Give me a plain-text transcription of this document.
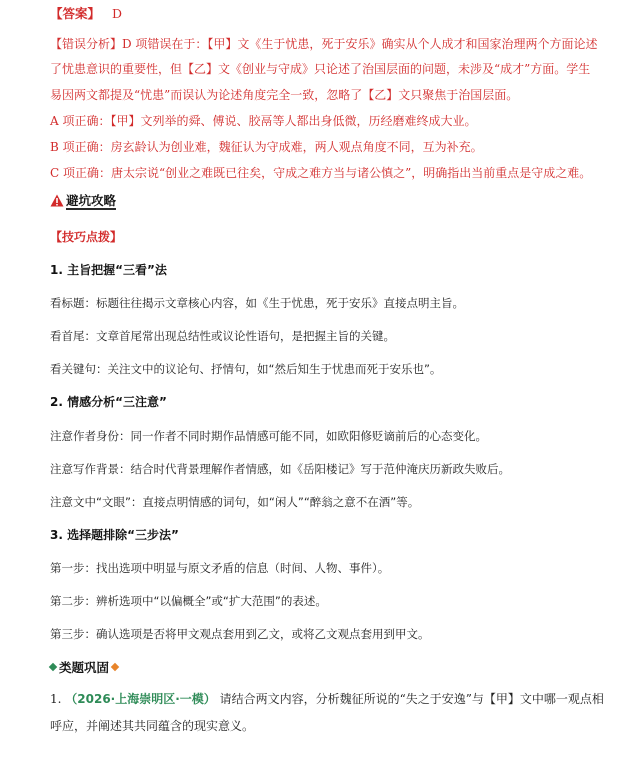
【答案】 D
【错误分析】D 项错误在于：【甲】文《生于忧患，死于安乐》确实从个人成才和国家治理两个方面论述
了忧患意识的重要性，但【乙】文《创业与守成》只论述了治国层面的问题，未涉及“成才”方面。学生
易因两文都提及“忧患”而误认为论述角度完全一致，忽略了【乙】文只聚焦于治国层面。
A 项正确：【甲】文列举的舜、傅说、胶鬲等人都出身低微，历经磨难终成大业。
B 项正确：房玄龄认为创业难，魏征认为守成难，两人观点角度不同，互为补充。
C 项正确：唐太宗说“创业之难既已往矣，守成之难方当与诸公慎之”，明确指出当前重点是守成之难。
避坑攻略
【技巧点拨】
1. 主旨把握“三看”法
看标题：标题往往揭示文章核心内容，如《生于忧患，死于安乐》直接点明主旨。
看首尾：文章首尾常出现总结性或议论性语句，是把握主旨的关键。
看关键句：关注文中的议论句、抒情句，如“然后知生于忧患而死于安乐也”。
2. 情感分析“三注意”
注意作者身份：同一作者不同时期作品情感可能不同，如欧阳修贬谪前后的心态变化。
注意写作背景：结合时代背景理解作者情感，如《岳阳楼记》写于范仲淹庆历新政失败后。
注意文中“文眼”：直接点明情感的词句，如“闲人”“醉翁之意不在酒”等。
3. 选择题排除“三步法”
第一步：找出选项中明显与原文矛盾的信息（时间、人物、事件）。
第二步：辨析选项中“以偏概全”或“扩大范围”的表述。
第三步：确认选项是否将甲文观点套用到乙文，或将乙文观点套用到甲文。
类题巩固
1. （2026·上海崇明区·一模） 请结合两文内容，分析魏征所说的“失之于安逸”与【甲】文中哪一观点相
呼应，并阐述其共同蕴含的现实意义。
